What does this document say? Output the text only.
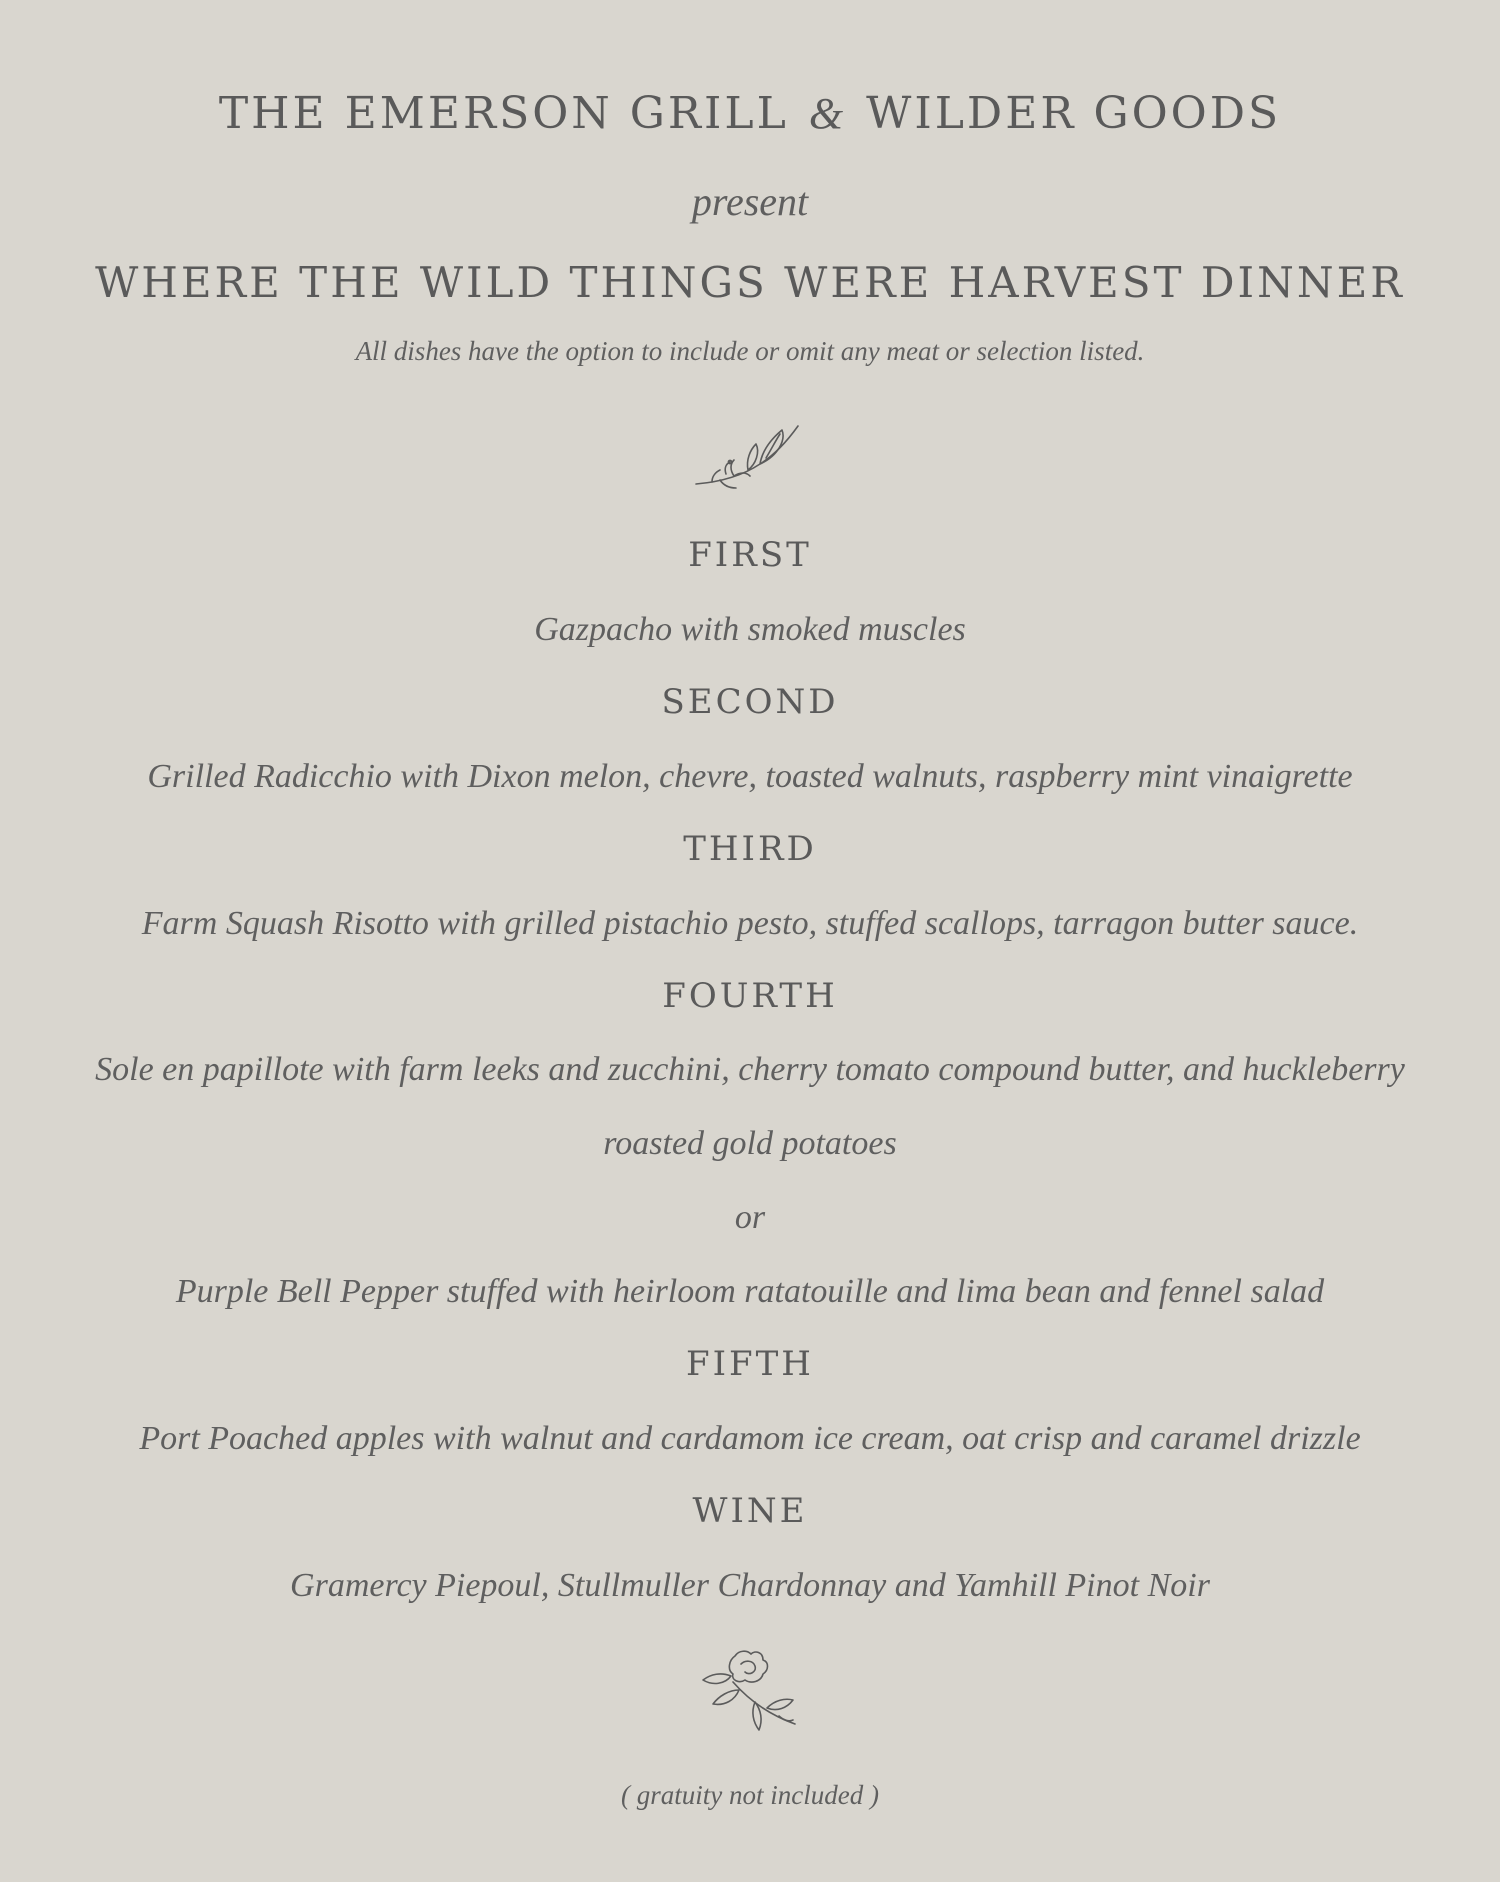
THE EMERSON GRILL & WILDER GOODS
present
WHERE THE WILD THINGS WERE HARVEST DINNER
All dishes have the option to include or omit any meat or selection listed.
FIRST
Gazpacho with smoked muscles
SECOND
Grilled Radicchio with Dixon melon, chevre, toasted walnuts, raspberry mint vinaigrette
THIRD
Farm Squash Risotto with grilled pistachio pesto, stuffed scallops, tarragon butter sauce.
FOURTH
Sole en papillote with farm leeks and zucchini, cherry tomato compound butter, and huckleberry
roasted gold potatoes
or
Purple Bell Pepper stuffed with heirloom ratatouille and lima bean and fennel salad
FIFTH
Port Poached apples with walnut and cardamom ice cream, oat crisp and caramel drizzle
WINE
Gramercy Piepoul, Stullmuller Chardonnay and Yamhill Pinot Noir
( gratuity not included )
